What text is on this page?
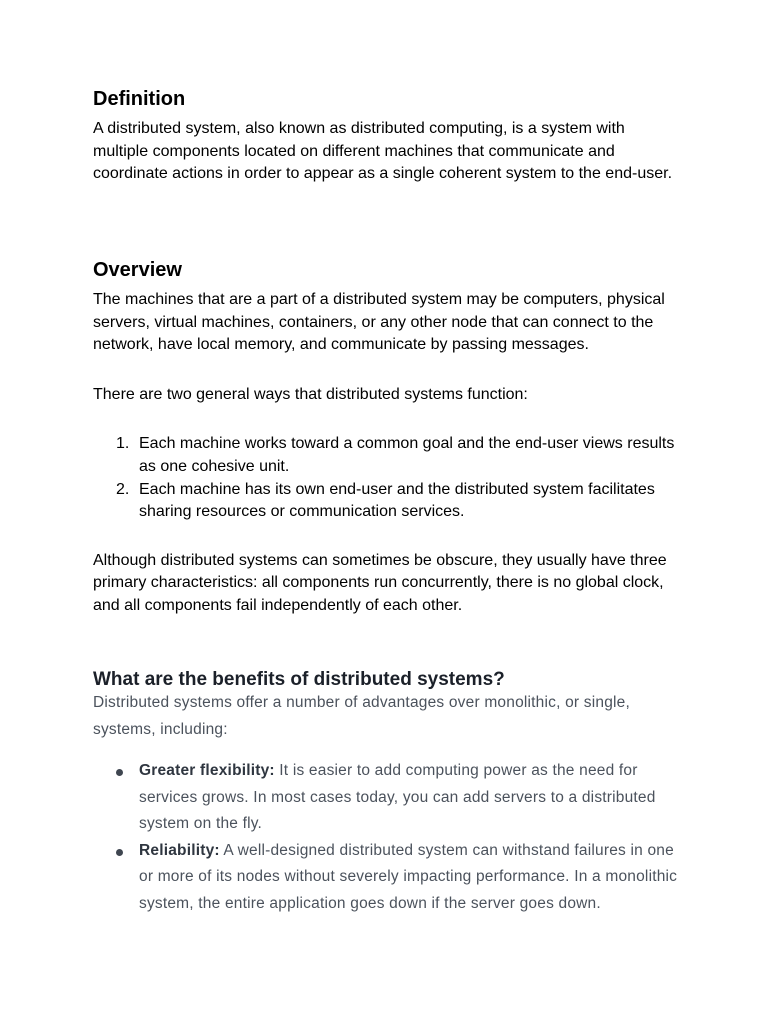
Definition

A distributed system, also known as distributed computing, is a system with multiple components located on different machines that communicate and coordinate actions in order to appear as a single coherent system to the end-user.

Overview

The machines that are a part of a distributed system may be computers, physical servers, virtual machines, containers, or any other node that can connect to the network, have local memory, and communicate by passing messages.

There are two general ways that distributed systems function:

1. Each machine works toward a common goal and the end-user views results as one cohesive unit.
2. Each machine has its own end-user and the distributed system facilitates sharing resources or communication services.

Although distributed systems can sometimes be obscure, they usually have three primary characteristics: all components run concurrently, there is no global clock, and all components fail independently of each other.

What are the benefits of distributed systems?

Distributed systems offer a number of advantages over monolithic, or single, systems, including:

Greater flexibility: It is easier to add computing power as the need for services grows. In most cases today, you can add servers to a distributed system on the fly.
Reliability: A well-designed distributed system can withstand failures in one or more of its nodes without severely impacting performance. In a monolithic system, the entire application goes down if the server goes down.
